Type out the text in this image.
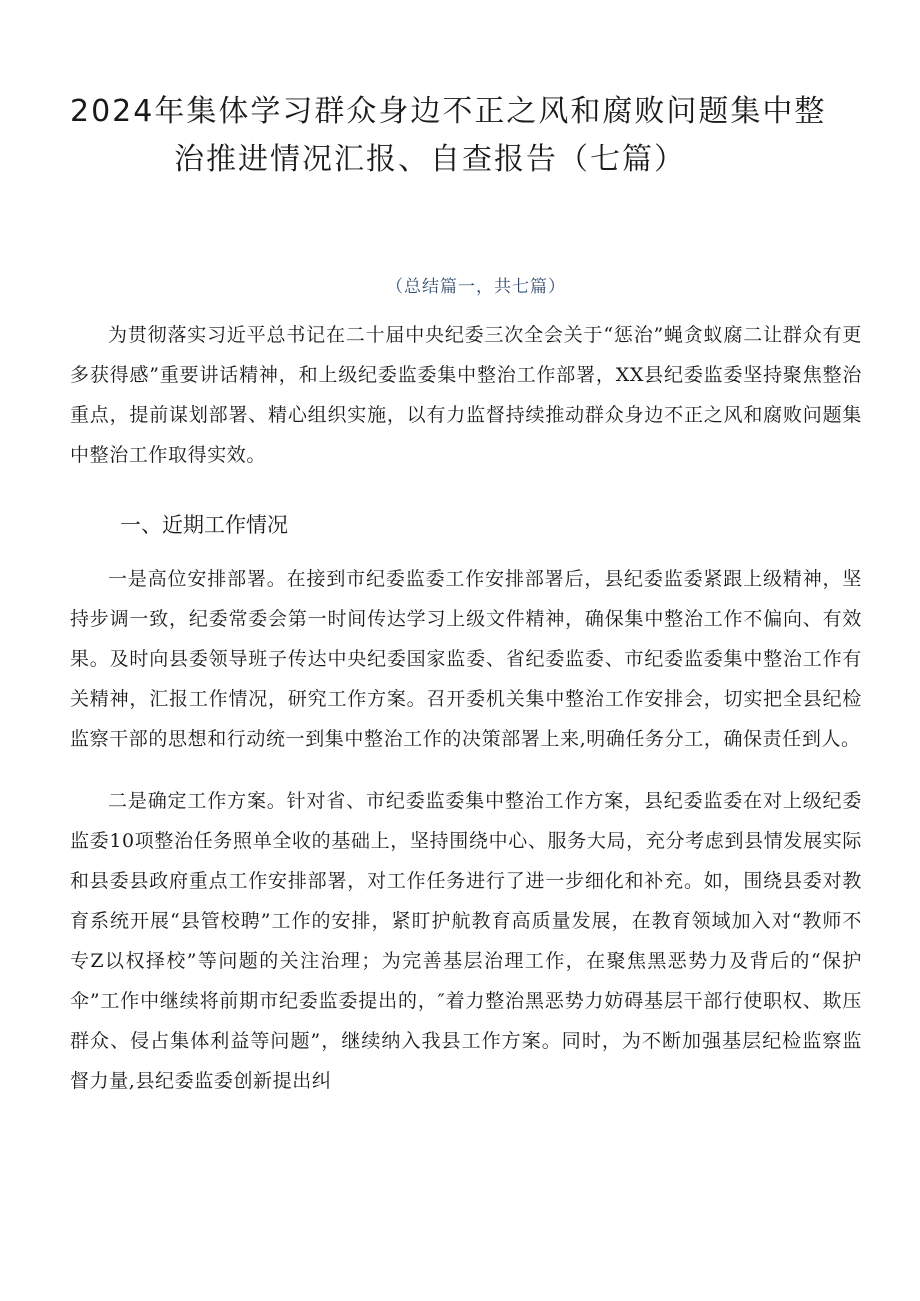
2024年集体学习群众身边不正之风和腐败问题集中整
治推进情况汇报、自查报告（七篇）
（总结篇一，共七篇）

为贯彻落实习近平总书记在二十届中央纪委三次全会关于“惩治”蝇贪蚁腐二让群众有更多获得感”重要讲话精神，和上级纪委监委集中整治工作部署，XX县纪委监委坚持聚焦整治重点，提前谋划部署、精心组织实施，以有力监督持续推动群众身边不正之风和腐败问题集中整治工作取得实效。

一、近期工作情况

一是高位安排部署。在接到市纪委监委工作安排部署后，县纪委监委紧跟上级精神，坚持步调一致，纪委常委会第一时间传达学习上级文件精神，确保集中整治工作不偏向、有效果。及时向县委领导班子传达中央纪委国家监委、省纪委监委、市纪委监委集中整治工作有关精神，汇报工作情况，研究工作方案。召开委机关集中整治工作安排会，切实把全县纪检监察干部的思想和行动统一到集中整治工作的决策部署上来,明确任务分工，确保责任到人。

二是确定工作方案。针对省、市纪委监委集中整治工作方案，县纪委监委在对上级纪委监委10项整治任务照单全收的基础上，坚持围绕中心、服务大局，充分考虑到县情发展实际和县委县政府重点工作安排部署，对工作任务进行了进一步细化和补充。如，围绕县委对教育系统开展“县管校聘”工作的安排，紧盯护航教育高质量发展，在教育领域加入对“教师不专Z以权择校”等问题的关注治理；为完善基层治理工作，在聚焦黑恶势力及背后的“保护伞”工作中继续将前期市纪委监委提出的，″着力整治黑恶势力妨碍基层干部行使职权、欺压群众、侵占集体利益等问题”，继续纳入我县工作方案。同时，为不断加强基层纪检监察监督力量,县纪委监委创新提出纠
